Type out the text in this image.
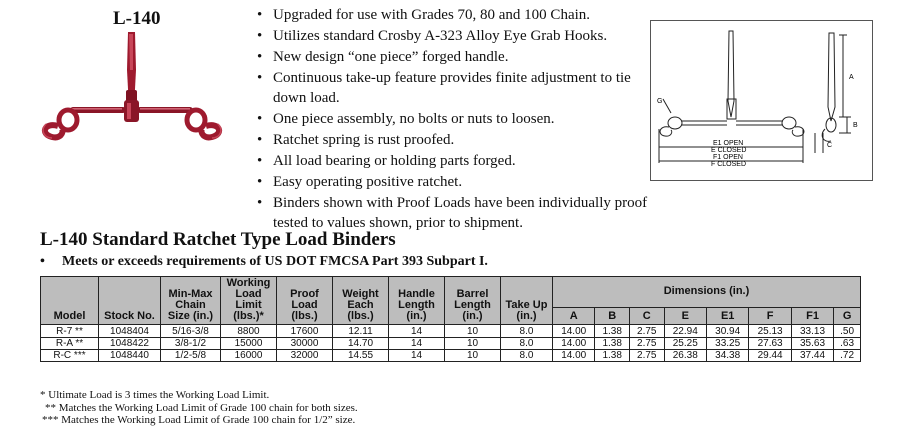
L-140	• Upgraded for use with Grades 70, 80 and 100 Chain.
• Utilizes standard Crosby A-323 Alloy Eye Grab Hooks.
• New design “one piece” forged handle.
• Continuous take-up feature provides finite adjustment to tie down load.
• One piece assembly, no bolts or nuts to loosen.
• Ratchet spring is rust proofed.
• All load bearing or holding parts forged.
• Easy operating positive ratchet.
• Binders shown with Proof Loads have been individually proof tested to values shown, prior to shipment.
A
B
C
G
E1 OPEN
E CLOSED
F1 OPEN
F CLOSED
L-140 Standard Ratchet Type Load Binders
• Meets or exceeds requirements of US DOT FMCSA Part 393 Subpart I.
Model	Stock No.	Min-Max Chain Size (in.)	Working Load Limit (lbs.)*	Proof Load (lbs.)	Weight Each (lbs.)	Handle Length (in.)	Barrel Length (in.)	Take Up (in.)	Dimensions (in.)							
									A	B	C	E	E1	F	F1	G
R-7 **	1048404	5/16-3/8	8800	17600	12.11	14	10	8.0	14.00	1.38	2.75	22.94	30.94	25.13	33.13	.50
R-A **	1048422	3/8-1/2	15000	30000	14.70	14	10	8.0	14.00	1.38	2.75	25.25	33.25	27.63	35.63	.63
R-C ***	1048440	1/2-5/8	16000	32000	14.55	14	10	8.0	14.00	1.38	2.75	26.38	34.38	29.44	37.44	.72
* Ultimate Load is 3 times the Working Load Limit.
** Matches the Working Load Limit of Grade 100 chain for both sizes.
*** Matches the Working Load Limit of Grade 100 chain for 1/2” size.
